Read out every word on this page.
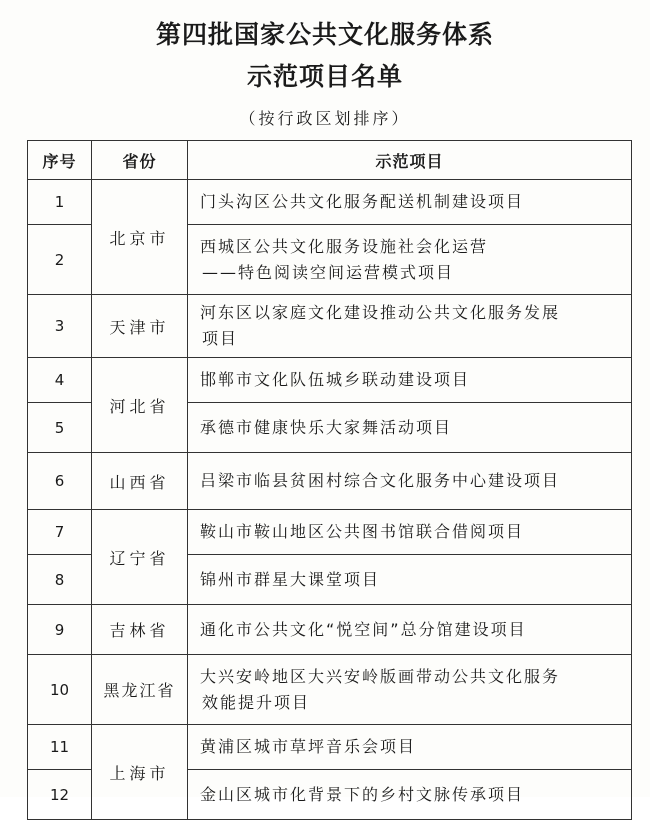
第四批国家公共文化服务体系
示范项目名单
（按行政区划排序）
序号	省份	示范项目
1	北京市	门头沟区公共文化服务配送机制建设项目
2		西城区公共文化服务设施社会化运营
——特色阅读空间运营模式项目

3	天津市	河东区以家庭文化建设推动公共文化服务发展
项目

4	河北省	邯郸市文化队伍城乡联动建设项目
5		承德市健康快乐大家舞活动项目
6	山西省	吕梁市临县贫困村综合文化服务中心建设项目
7	辽宁省	鞍山市鞍山地区公共图书馆联合借阅项目
8		锦州市群星大课堂项目
9	吉林省	通化市公共文化“悦空间”总分馆建设项目
10	黑龙江省	大兴安岭地区大兴安岭版画带动公共文化服务
效能提升项目

11	上海市	黄浦区城市草坪音乐会项目
12		金山区城市化背景下的乡村文脉传承项目
